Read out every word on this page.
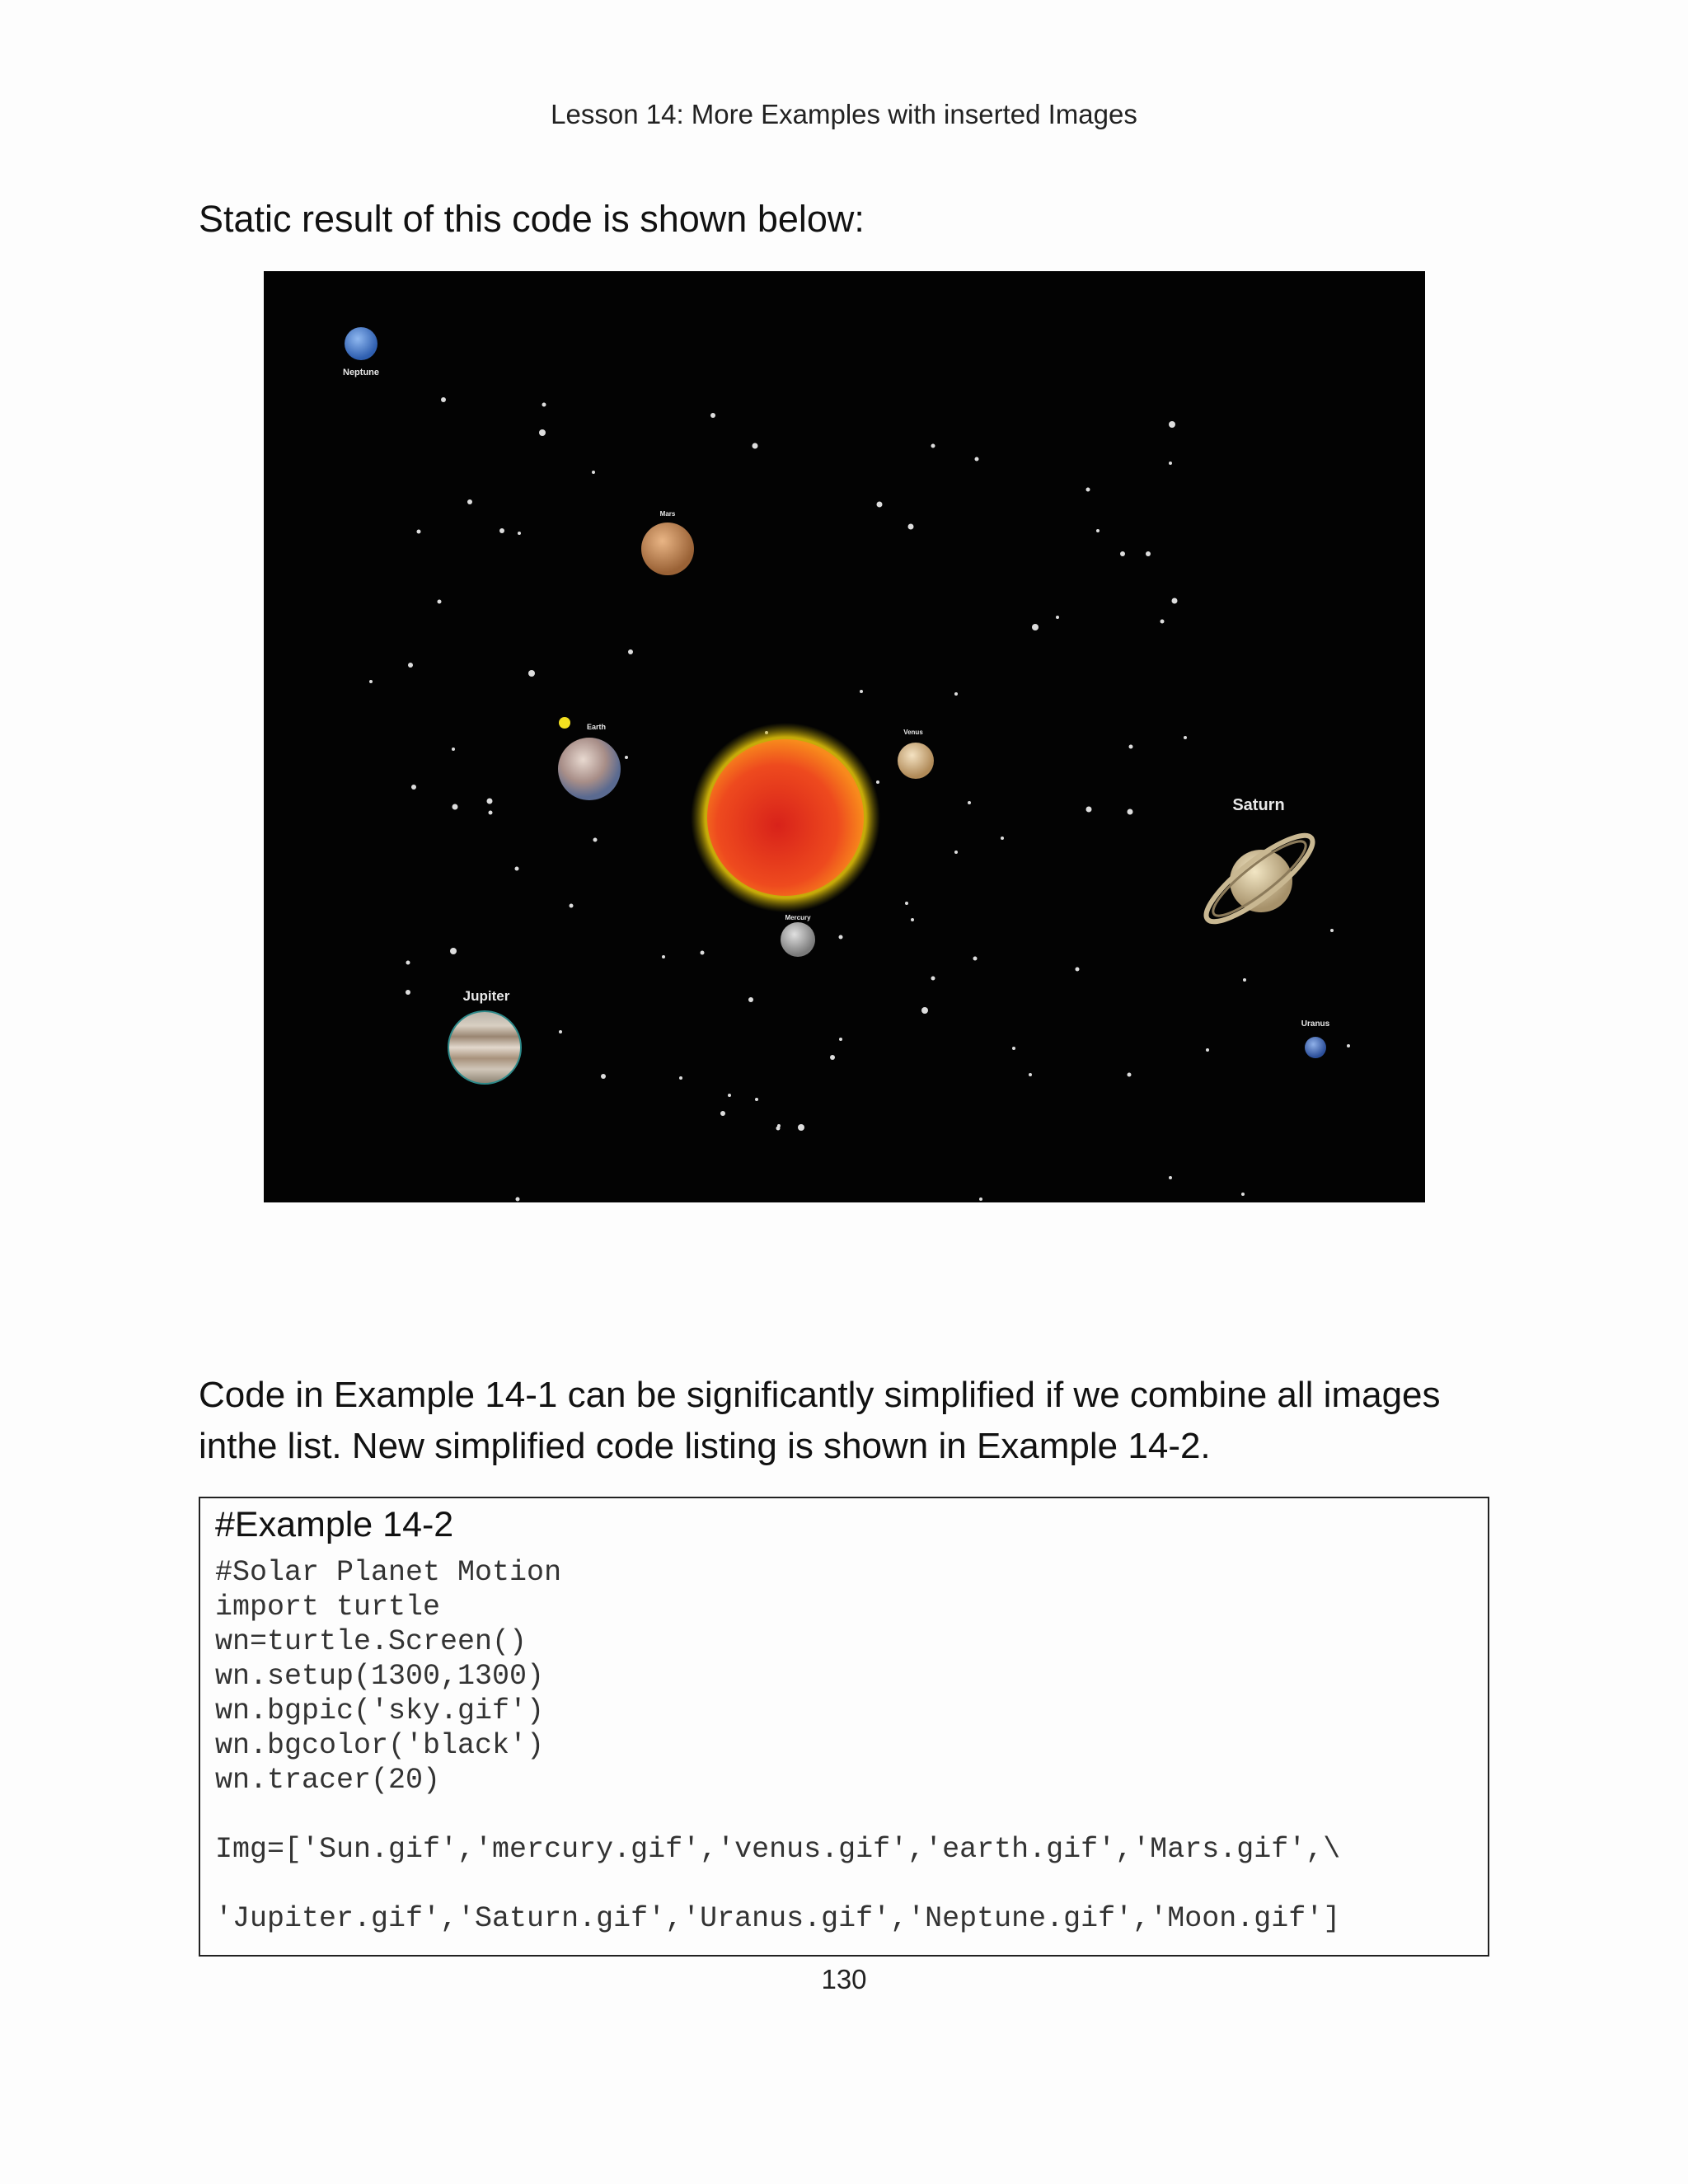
Lesson 14: More Examples with inserted Images
Static result of this code is shown below:
Neptune
Mars
Earth
Venus
Mercury
Saturn
Jupiter
Uranus
Code in Example 14-1 can be significantly simplified if we combine all images
inthe list. New simplified code listing is shown in Example 14-2.
#Example 14-2
#Solar Planet Motion
import turtle
wn=turtle.Screen()
wn.setup(1300,1300)
wn.bgpic('sky.gif')
wn.bgcolor('black')
wn.tracer(20)
Img=['Sun.gif','mercury.gif','venus.gif','earth.gif','Mars.gif',\
'Jupiter.gif','Saturn.gif','Uranus.gif','Neptune.gif','Moon.gif']
130
